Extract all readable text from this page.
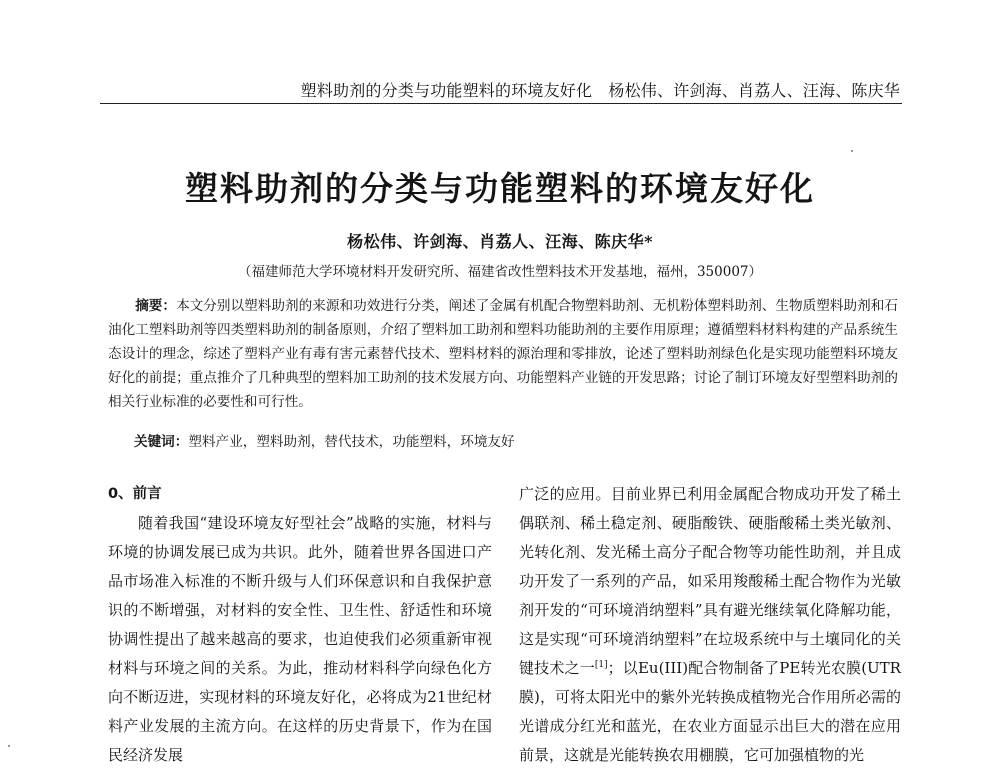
塑料助剂的分类与功能塑料的环境友好化　杨松伟、许剑海、肖荔人、汪海、陈庆华
塑料助剂的分类与功能塑料的环境友好化
杨松伟、许剑海、肖荔人、汪海、陈庆华*
（福建师范大学环境材料开发研究所、福建省改性塑料技术开发基地，福州，350007）

摘要：本文分别以塑料助剂的来源和功效进行分类，阐述了金属有机配合物塑料助剂、无机粉体塑料助剂、生物质塑料助剂和石油化工塑料助剂等四类塑料助剂的制备原则，介绍了塑料加工助剂和塑料功能助剂的主要作用原理；遵循塑料材料构建的产品系统生态设计的理念，综述了塑料产业有毒有害元素替代技术、塑料材料的源治理和零排放，论述了塑料助剂绿色化是实现功能塑料环境友好化的前提；重点推介了几种典型的塑料加工助剂的技术发展方向、功能塑料产业链的开发思路；讨论了制订环境友好型塑料助剂的相关行业标准的必要性和可行性。

关键词：塑料产业，塑料助剂，替代技术，功能塑料，环境友好

0、前言

随着我国“建设环境友好型社会”战略的实施，材料与环境的协调发展已成为共识。此外，随着世界各国进口产品市场准入标准的不断升级与人们环保意识和自我保护意识的不断增强，对材料的安全性、卫生性、舒适性和环境协调性提出了越来越高的要求，也迫使我们必须重新审视材料与环境之间的关系。为此，推动材料科学向绿色化方向不断迈进，实现材料的环境友好化，必将成为21世纪材料产业发展的主流方向。在这样的历史背景下，作为在国民经济发展

广泛的应用。目前业界已利用金属配合物成功开发了稀土偶联剂、稀土稳定剂、硬脂酸铁、硬脂酸稀土类光敏剂、光转化剂、发光稀土高分子配合物等功能性助剂，并且成功开发了一系列的产品，如采用羧酸稀土配合物作为光敏剂开发的“可环境消纳塑料”具有避光继续氧化降解功能，这是实现“可环境消纳塑料”在垃圾系统中与土壤同化的关键技术之一[1]；以Eu(III)配合物制备了PE转光农膜(UTR膜)，可将太阳光中的紫外光转换成植物光合作用所必需的光谱成分红光和蓝光，在农业方面显示出巨大的潜在应用前景，这就是光能转换农用棚膜，它可加强植物的光
